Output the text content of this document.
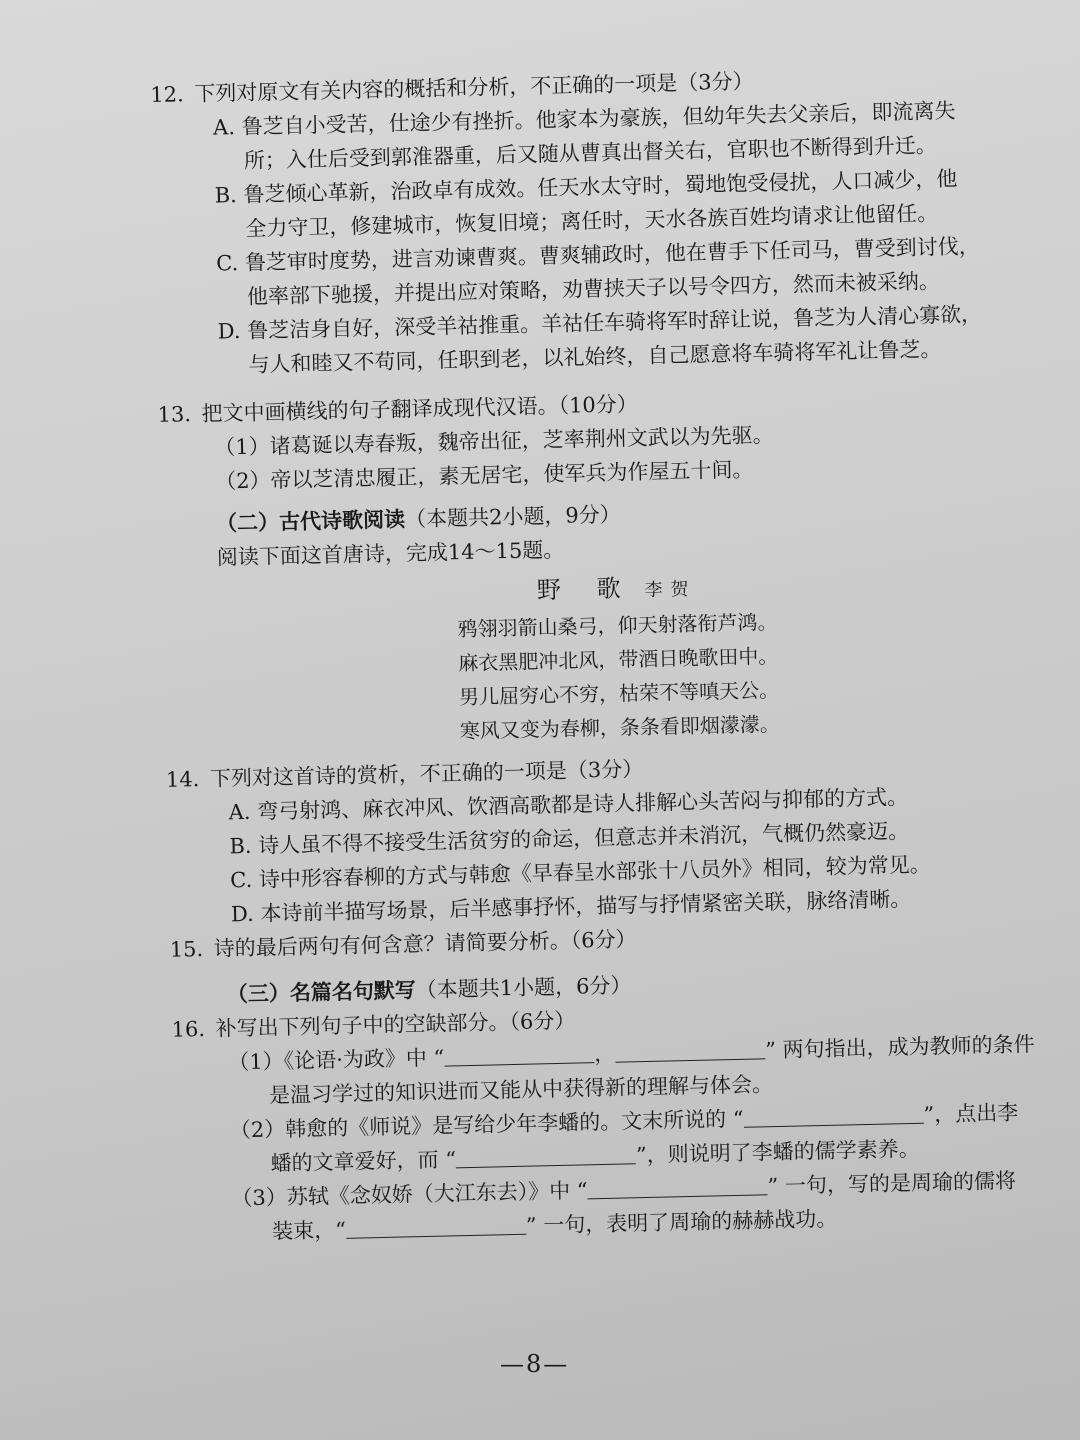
12. 下列对原文有关内容的概括和分析，不正确的一项是（3分）
A. 鲁芝自小受苦，仕途少有挫折。他家本为豪族，但幼年失去父亲后，即流离失
所；入仕后受到郭淮器重，后又随从曹真出督关右，官职也不断得到升迁。
B. 鲁芝倾心革新，治政卓有成效。任天水太守时，蜀地饱受侵扰，人口减少，他
全力守卫，修建城市，恢复旧境；离任时，天水各族百姓均请求让他留任。
C. 鲁芝审时度势，进言劝谏曹爽。曹爽辅政时，他在曹手下任司马，曹受到讨伐，
他率部下驰援，并提出应对策略，劝曹挟天子以号令四方，然而未被采纳。
D. 鲁芝洁身自好，深受羊祜推重。羊祜任车骑将军时辞让说，鲁芝为人清心寡欲，
与人和睦又不苟同，任职到老，以礼始终，自己愿意将车骑将军礼让鲁芝。
13. 把文中画横线的句子翻译成现代汉语。（10分）
（1）诸葛诞以寿春叛，魏帝出征，芝率荆州文武以为先驱。
（2）帝以芝清忠履正，素无居宅，使军兵为作屋五十间。
（二）古代诗歌阅读（本题共2小题，9分）
阅读下面这首唐诗，完成14～15题。
野 歌 李贺
鸦翎羽箭山桑弓，仰天射落衔芦鸿。
麻衣黑肥冲北风，带酒日晚歌田中。
男儿屈穷心不穷，枯荣不等嗔天公。
寒风又变为春柳，条条看即烟濛濛。
14. 下列对这首诗的赏析，不正确的一项是（3分）
A. 弯弓射鸿、麻衣冲风、饮酒高歌都是诗人排解心头苦闷与抑郁的方式。
B. 诗人虽不得不接受生活贫穷的命运，但意志并未消沉，气概仍然豪迈。
C. 诗中形容春柳的方式与韩愈《早春呈水部张十八员外》相同，较为常见。
D. 本诗前半描写场景，后半感事抒怀，描写与抒情紧密关联，脉络清晰。
15. 诗的最后两句有何含意？请简要分析。（6分）
（三）名篇名句默写（本题共1小题，6分）
16. 补写出下列句子中的空缺部分。（6分）
（1）《论语·为政》中 “	，	” 两句指出，成为教师的条件
是温习学过的知识进而又能从中获得新的理解与体会。
（2）韩愈的《师说》是写给少年李蟠的。文末所说的 “	”，点出李
蟠的文章爱好，而 “	”，则说明了李蟠的儒学素养。
（3）苏轼《念奴娇（大江东去）》中 “	” 一句，写的是周瑜的儒将
装束，“	” 一句，表明了周瑜的赫赫战功。
—8—
